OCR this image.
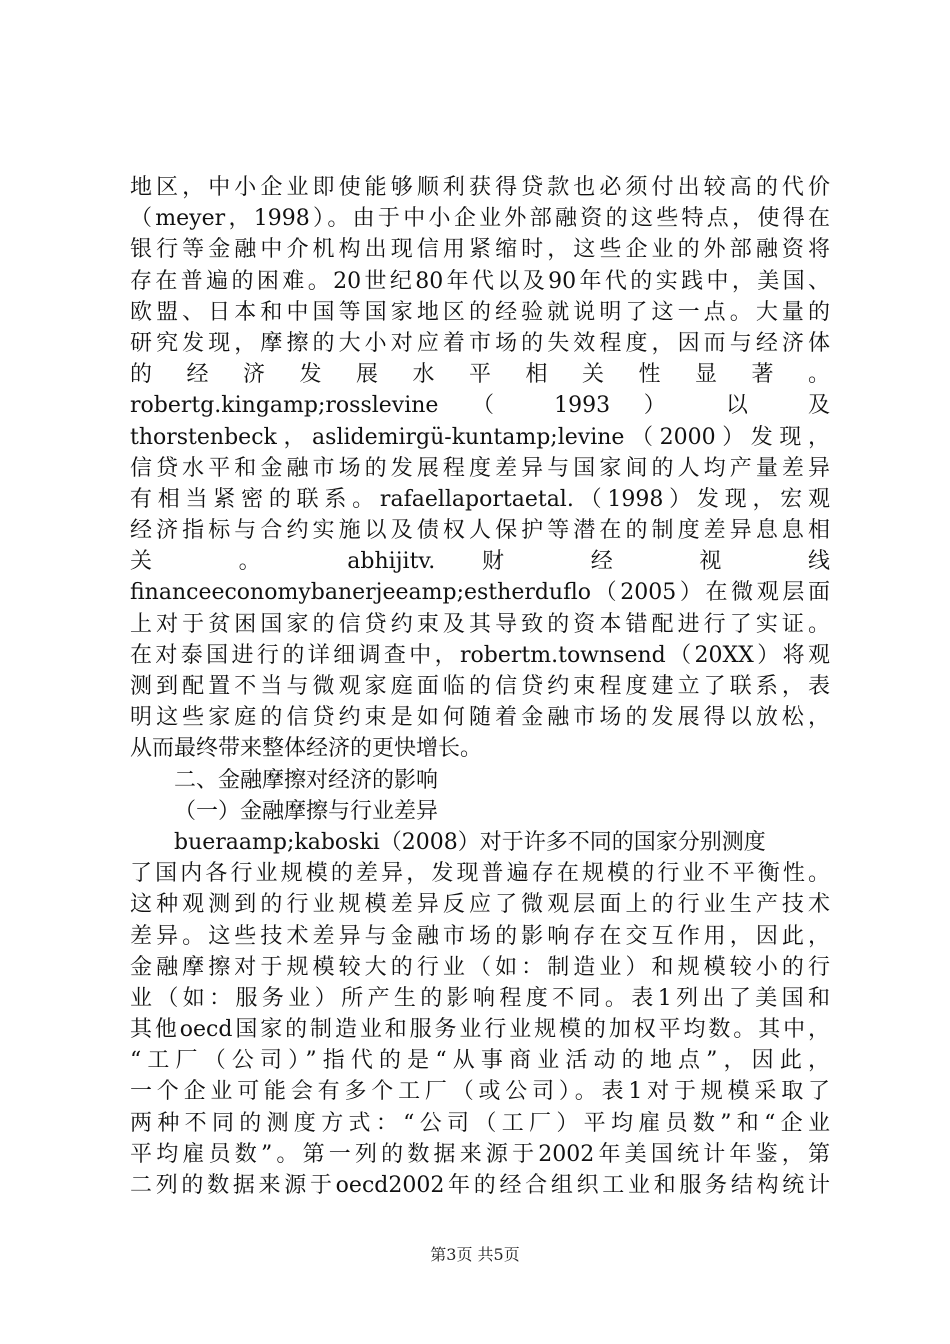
地区，中小企业即使能够顺利获得贷款也必须付出较高的代价
（meyer，1998）。由于中小企业外部融资的这些特点，使得在
银行等金融中介机构出现信用紧缩时，这些企业的外部融资将
存在普遍的困难。20世纪80年代以及90年代的实践中，美国、
欧盟、日本和中国等国家地区的经验就说明了这一点。大量的
研究发现，摩擦的大小对应着市场的失效程度，因而与经济体
的 经 济 发 展 水 平 相 关 性 显 著 。
robertg.kingamp;rosslevine （ 1993 ） 以 及
thorstenbeck，aslidemirgü-kuntamp;levine（2000）发现，
信贷水平和金融市场的发展程度差异与国家间的人均产量差异
有相当紧密的联系。rafaellaportaetal.（1998）发现，宏观
经济指标与合约实施以及债权人保护等潜在的制度差异息息相
关 。 abhijitv. 财 经 视 线
financeeconomybanerjeeamp;estherduflo（2005）在微观层面
上对于贫困国家的信贷约束及其导致的资本错配进行了实证。
在对泰国进行的详细调查中，robertm.townsend（20XX）将观
测到配置不当与微观家庭面临的信贷约束程度建立了联系，表
明这些家庭的信贷约束是如何随着金融市场的发展得以放松，
从而最终带来整体经济的更快增长。
二、金融摩擦对经济的影响
（一）金融摩擦与行业差异
bueraamp;kaboski（2008）对于许多不同的国家分别测度
了国内各行业规模的差异，发现普遍存在规模的行业不平衡性。
这种观测到的行业规模差异反应了微观层面上的行业生产技术
差异。这些技术差异与金融市场的影响存在交互作用，因此，
金融摩擦对于规模较大的行业（如：制造业）和规模较小的行
业（如：服务业）所产生的影响程度不同。表1列出了美国和
其他oecd国家的制造业和服务业行业规模的加权平均数。其中，
“工厂（公司）”指代的是“从事商业活动的地点”，因此，
一个企业可能会有多个工厂（或公司）。表1对于规模采取了
两种不同的测度方式：“公司（工厂）平均雇员数”和“企业
平均雇员数”。第一列的数据来源于2002年美国统计年鉴，第
二列的数据来源于oecd2002年的经合组织工业和服务结构统计
第3页 共5页
